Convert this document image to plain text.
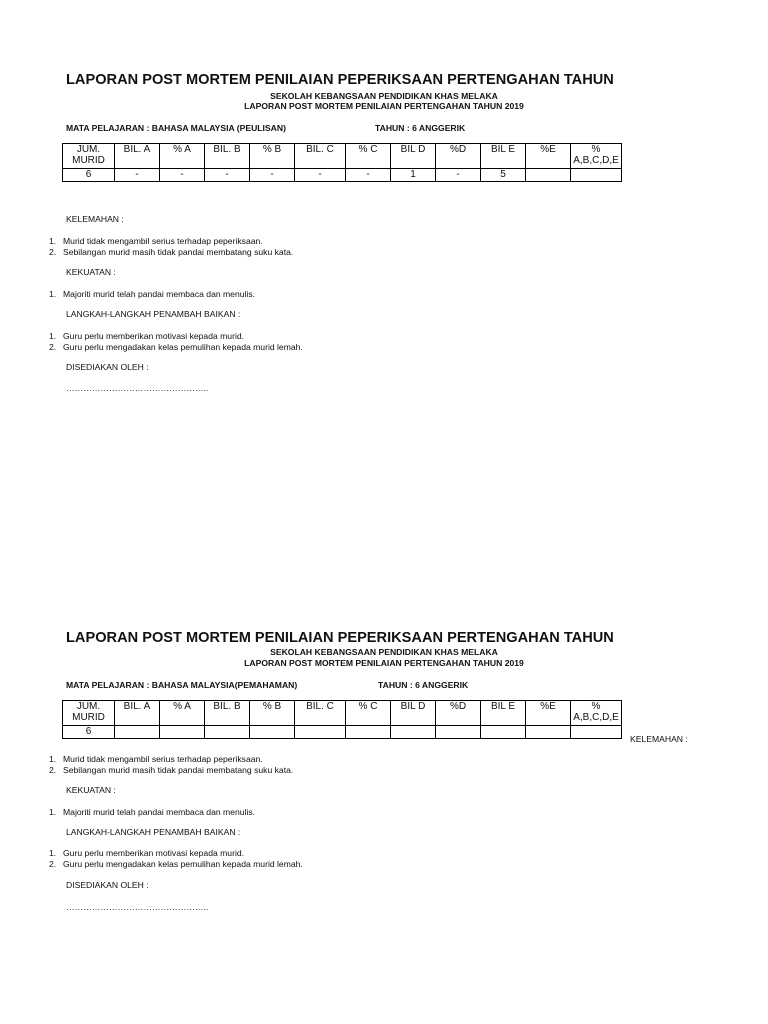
LAPORAN POST MORTEM PENILAIAN PEPERIKSAAN PERTENGAHAN TAHUN
SEKOLAH KEBANGSAAN PENDIDIKAN KHAS MELAKA
LAPORAN POST MORTEM PENILAIAN PERTENGAHAN TAHUN 2019
MATA PELAJARAN : BAHASA MALAYSIA (PEULISAN)	TAHUN : 6 ANGGERIK
JUM. MURID	BIL. A	% A	BIL. B	% B	BIL. C	% C	BIL D	%D	BIL E	%E	% A,B,C,D,E
6	-	-	-	-	-	-	1	-	5		
KELEMAHAN :
1. Murid tidak mengambil serius terhadap peperiksaan.
2. Sebilangan murid masih tidak pandai membatang suku kata.
KEKUATAN :
1. Majoriti murid telah pandai membaca dan menulis.
LANGKAH-LANGKAH PENAMBAH BAIKAN :
1. Guru perlu memberikan motivasi kepada murid.
2. Guru perlu mengadakan kelas pemulihan kepada murid lemah.
DISEDIAKAN OLEH :
…………………………………………..
LAPORAN POST MORTEM PENILAIAN PEPERIKSAAN PERTENGAHAN TAHUN
SEKOLAH KEBANGSAAN PENDIDIKAN KHAS MELAKA
LAPORAN POST MORTEM PENILAIAN PERTENGAHAN TAHUN 2019
MATA PELAJARAN : BAHASA MALAYSIA(PEMAHAMAN)	TAHUN : 6 ANGGERIK
JUM. MURID	BIL. A	% A	BIL. B	% B	BIL. C	% C	BIL D	%D	BIL E	%E	% A,B,C,D,E
6											
KELEMAHAN :
1. Murid tidak mengambil serius terhadap peperiksaan.
2. Sebilangan murid masih tidak pandai membatang suku kata.
KEKUATAN :
1. Majoriti murid telah pandai membaca dan menulis.
LANGKAH-LANGKAH PENAMBAH BAIKAN :
1. Guru perlu memberikan motivasi kepada murid.
2. Guru perlu mengadakan kelas pemulihan kepada murid lemah.
DISEDIAKAN OLEH :
…………………………………………..
